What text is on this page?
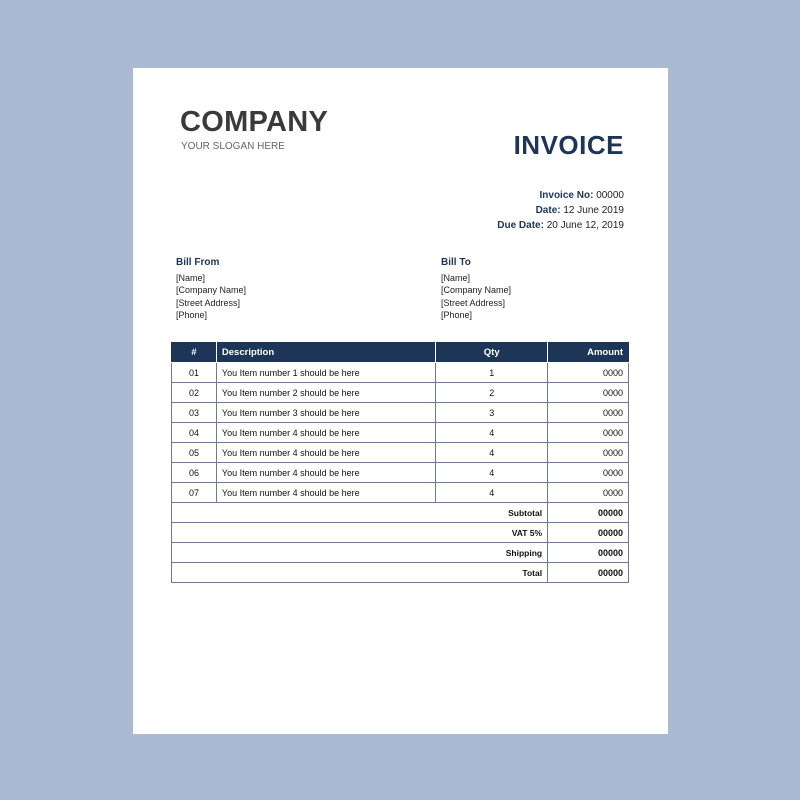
COMPANY
YOUR SLOGAN HERE	INVOICE
Invoice No: 00000
Date: 12 June 2019
Due Date: 20 June 12, 2019
Bill From
[Name]
[Company Name]
[Street Address]
[Phone]
Bill To
[Name]
[Company Name]
[Street Address]
[Phone]
#	Description	Qty	Amount
01	You Item number 1 should be here	1	0000
02	You Item number 2 should be here	2	0000
03	You Item number 3 should be here	3	0000
04	You Item number 4 should be here	4	0000
05	You Item number 4 should be here	4	0000
06	You Item number 4 should be here	4	0000
07	You Item number 4 should be here	4	0000
Subtotal			00000
VAT 5%			00000
Shipping			00000
Total			00000
